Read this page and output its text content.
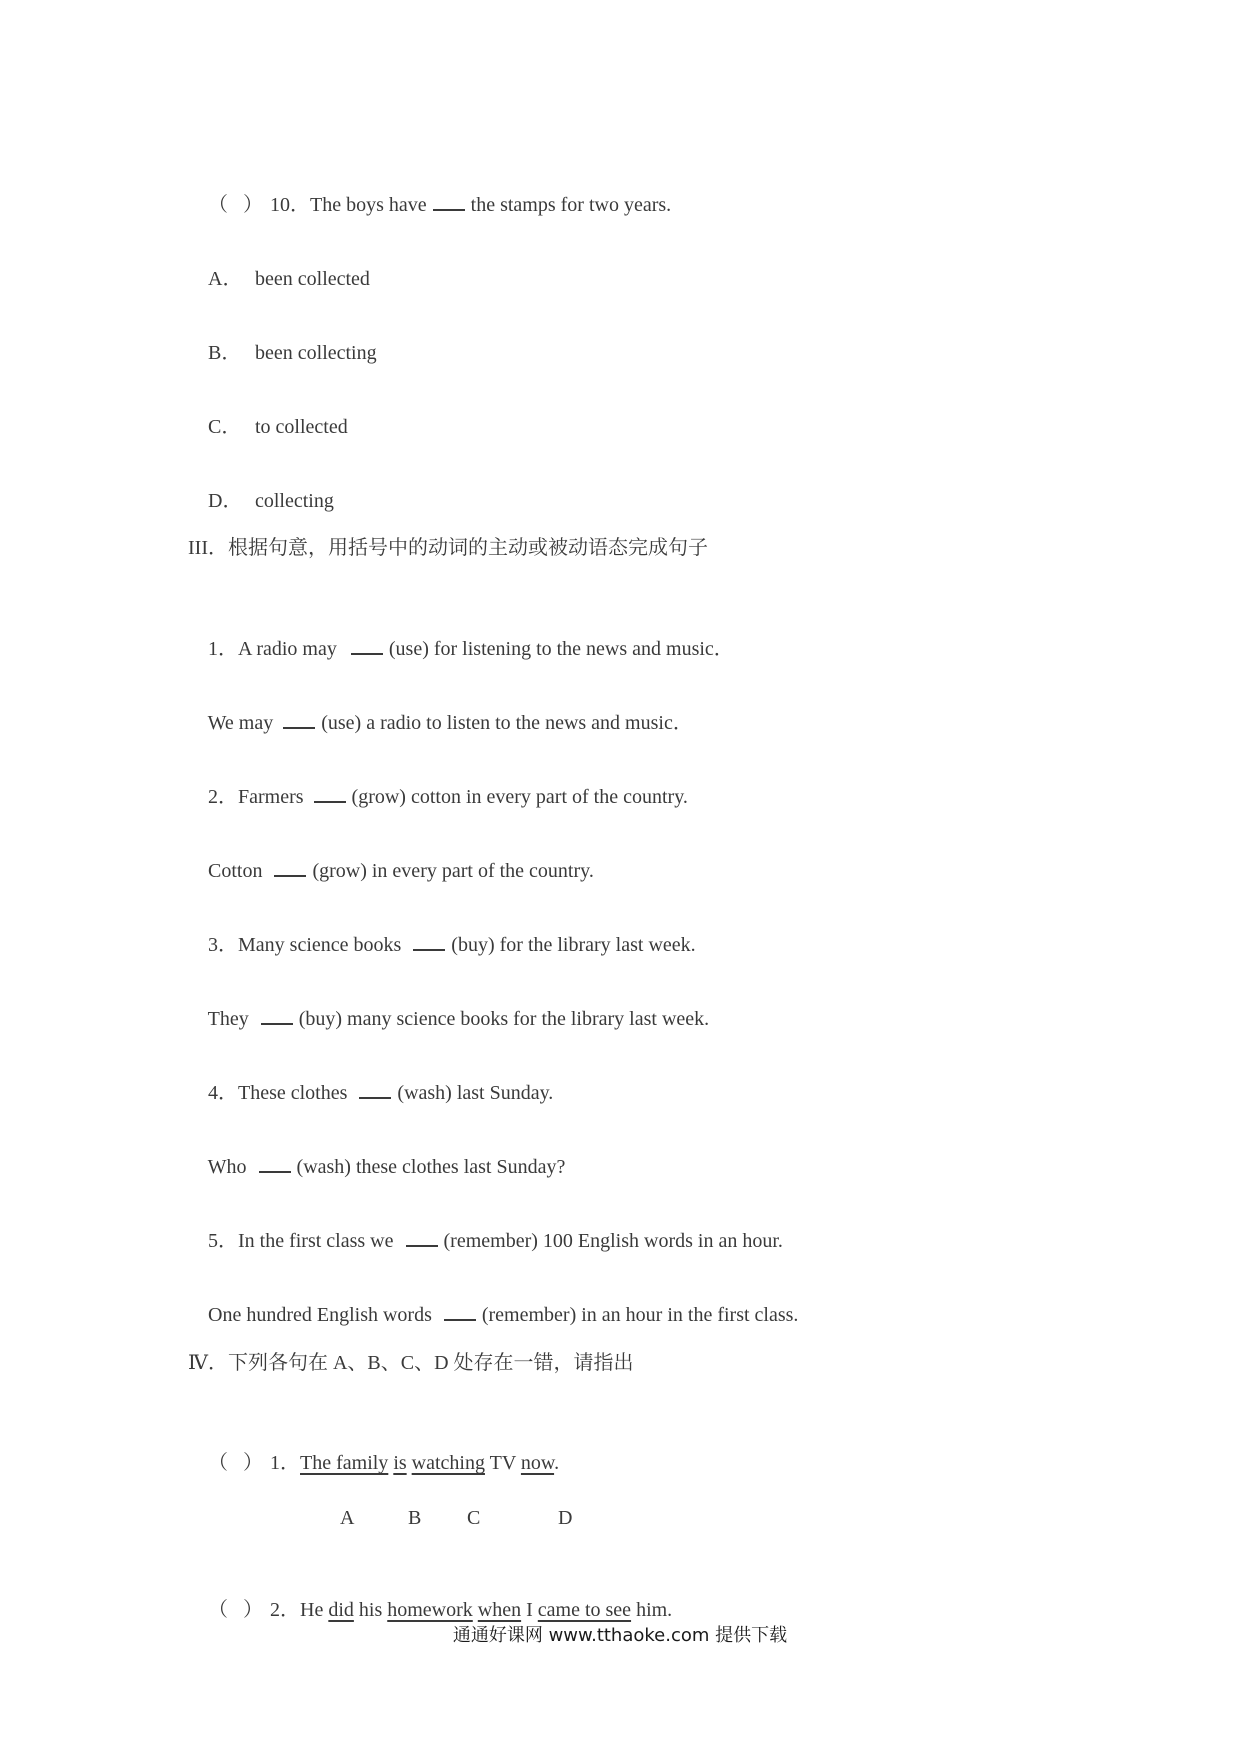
（   ） 10．The boys have the stamps for two years.

A． been collected

B． been collecting

C． to collected

D． collecting

III．根据句意，用括号中的动词的主动或被动语态完成句子

1．A radio may	(use) for listening to the news and music．

We may (use) a radio to listen to the news and music．

2．Farmers (grow) cotton in every part of the country.

Cotton	(grow) in every part of the country.

3．Many science books	(buy) for the library last week.

They	(buy) many science books for the library last week.

4．These clothes	(wash) last Sunday.

Who	(wash) these clothes last Sunday?

5．In the first class we	(remember) 100 English words in an hour.

One hundred English words	(remember) in an hour in the first class.

Ⅳ．下列各句在 A、B、C、D 处存在一错，请指出

（   ） 1．The family is watching TV now.

A	B C	D

（   ） 2．He did his homework when I came to see him.

通通好课网 www.tthaoke.com 提供下载
